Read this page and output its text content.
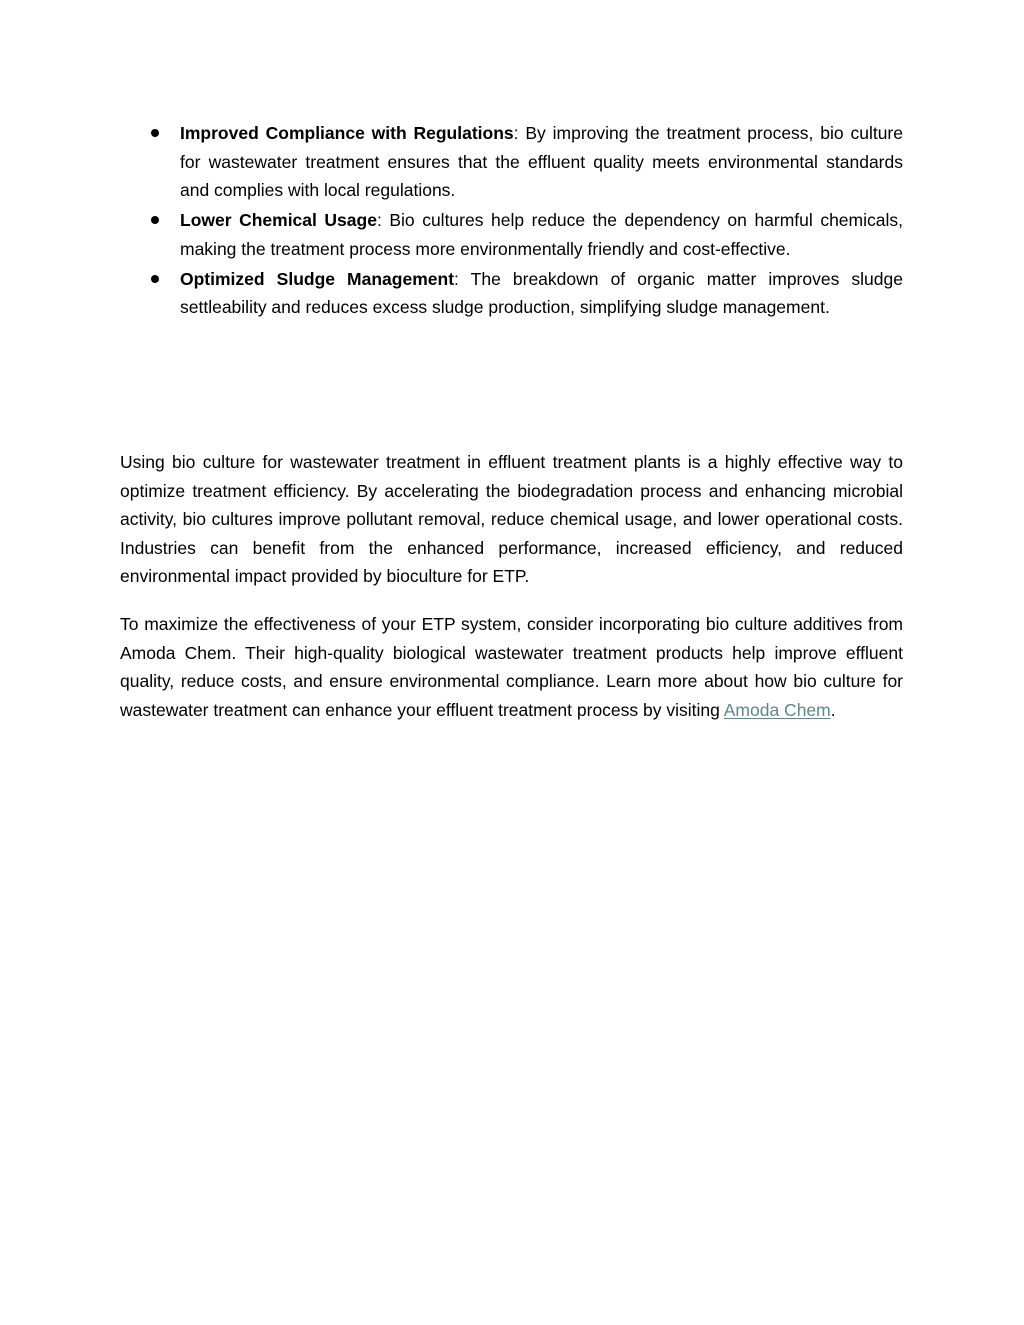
Improved Compliance with Regulations: By improving the treatment process, bio culture for wastewater treatment ensures that the effluent quality meets environmental standards and complies with local regulations.
Lower Chemical Usage: Bio cultures help reduce the dependency on harmful chemicals, making the treatment process more environmentally friendly and cost-effective.
Optimized Sludge Management: The breakdown of organic matter improves sludge settleability and reduces excess sludge production, simplifying sludge management.

Using bio culture for wastewater treatment in effluent treatment plants is a highly effective way to optimize treatment efficiency. By accelerating the biodegradation process and enhancing microbial activity, bio cultures improve pollutant removal, reduce chemical usage, and lower operational costs. Industries can benefit from the enhanced performance, increased efficiency, and reduced environmental impact provided by bioculture for ETP.

To maximize the effectiveness of your ETP system, consider incorporating bio culture additives from Amoda Chem. Their high-quality biological wastewater treatment products help improve effluent quality, reduce costs, and ensure environmental compliance. Learn more about how bio culture for wastewater treatment can enhance your effluent treatment process by visiting Amoda Chem.
